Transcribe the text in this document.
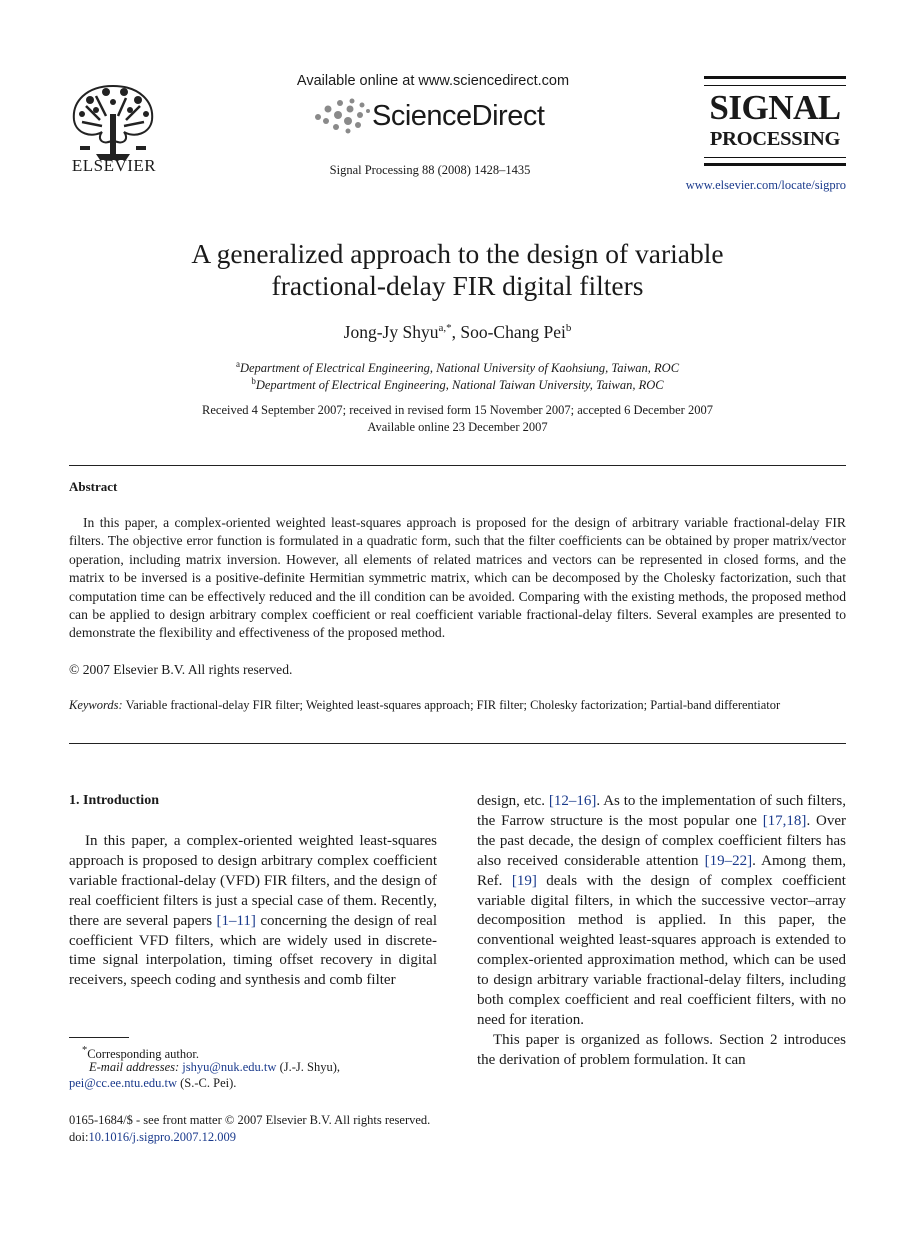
ELSEVIER
Available online at www.sciencedirect.com
ScienceDirect
Signal Processing 88 (2008) 1428–1435
SIGNAL
PROCESSING
www.elsevier.com/locate/sigpro
A generalized approach to the design of variable
fractional-delay FIR digital filters
Jong-Jy Shyu$^{a,*}$, Soo-Chang Pei$^b$
$^a$Department of Electrical Engineering, National University of Kaohsiung, Taiwan, ROC
$^b$Department of Electrical Engineering, National Taiwan University, Taiwan, ROC
Received 4 September 2007; received in revised form 15 November 2007; accepted 6 December 2007
Available online 23 December 2007
Abstract
In this paper, a complex-oriented weighted least-squares approach is proposed for the design of arbitrary variable fractional-delay FIR filters. The objective error function is formulated in a quadratic form, such that the filter coefficients can be obtained by proper matrix/vector operation, including matrix inversion. However, all elements of related matrices and vectors can be represented in closed forms, and the matrix to be inversed is a positive-definite Hermitian symmetric matrix, which can be decomposed by the Cholesky factorization, such that computation time can be effectively reduced and the ill condition can be avoided. Comparing with the existing methods, the proposed method can be applied to design arbitrary complex coefficient or real coefficient variable fractional-delay filters. Several examples are presented to demonstrate the flexibility and effectiveness of the proposed method.
© 2007 Elsevier B.V. All rights reserved.
Keywords: Variable fractional-delay FIR filter; Weighted least-squares approach; FIR filter; Cholesky factorization; Partial-band differentiator
1. Introduction
In this paper, a complex-oriented weighted least-squares approach is proposed to design arbitrary complex coefficient variable fractional-delay (VFD) FIR filters, and the design of real coefficient filters is just a special case of them. Recently, there are several papers [1–11] concerning the design of real coefficient VFD filters, which are widely used in discrete-time signal interpolation, timing offset recovery in digital receivers, speech coding and synthesis and comb filter

design, etc. [12–16]. As to the implementation of such filters, the Farrow structure is the most popular one [17,18]. Over the past decade, the design of complex coefficient filters has also received considerable attention [19–22]. Among them, Ref. [19] deals with the design of complex coefficient variable digital filters, in which the successive vector–array decomposition method is applied. In this paper, the conventional weighted least-squares approach is extended to complex-oriented approximation method, which can be used to design arbitrary variable fractional-delay filters, including both complex coefficient and real coefficient filters, with no need for iteration.

This paper is organized as follows. Section 2 introduces the derivation of problem formulation. It can

*Corresponding author.
E-mail addresses: jshyu@nuk.edu.tw (J.-J. Shyu),
pei@cc.ee.ntu.edu.tw (S.-C. Pei).
0165-1684/$ - see front matter © 2007 Elsevier B.V. All rights reserved.
doi:10.1016/j.sigpro.2007.12.009
